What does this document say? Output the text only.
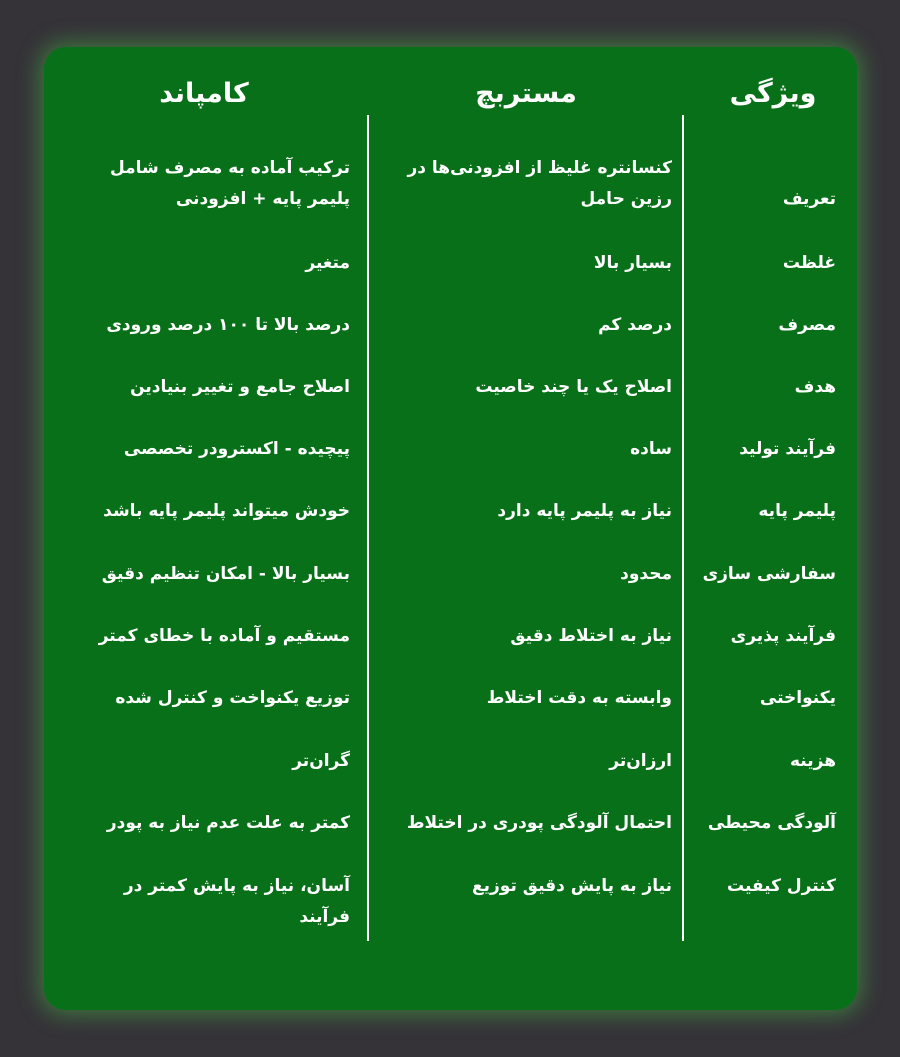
ویژگی
مستربچ
کامپاند
تعریف
کنسانتره غلیظ از افزودنی‌ها در
رزین حامل
ترکیب آماده به مصرف شامل
پلیمر پایه + افزودنی
غلظت
بسیار بالا
متغیر
مصرف
درصد کم
درصد بالا تا ۱۰۰ درصد ورودی
هدف
اصلاح یک یا چند خاصیت
اصلاح جامع و تغییر بنیادین
فرآیند تولید
ساده
پیچیده - اکسترودر تخصصی
پلیمر پایه
نیاز به پلیمر پایه دارد
خودش میتواند پلیمر پایه باشد
سفارشی سازی
محدود
بسیار بالا - امکان تنظیم دقیق
فرآیند پذیری
نیاز به اختلاط دقیق
مستقیم و آماده با خطای کمتر
یکنواختی
وابسته به دقت اختلاط
توزیع یکنواخت و کنترل شده
هزینه
ارزان‌تر
گران‌تر
آلودگی محیطی
احتمال آلودگی پودری در اختلاط
کمتر به علت عدم نیاز به پودر
کنترل کیفیت
نیاز به پایش دقیق توزیع
آسان، نیاز به پایش کمتر در
فرآیند
